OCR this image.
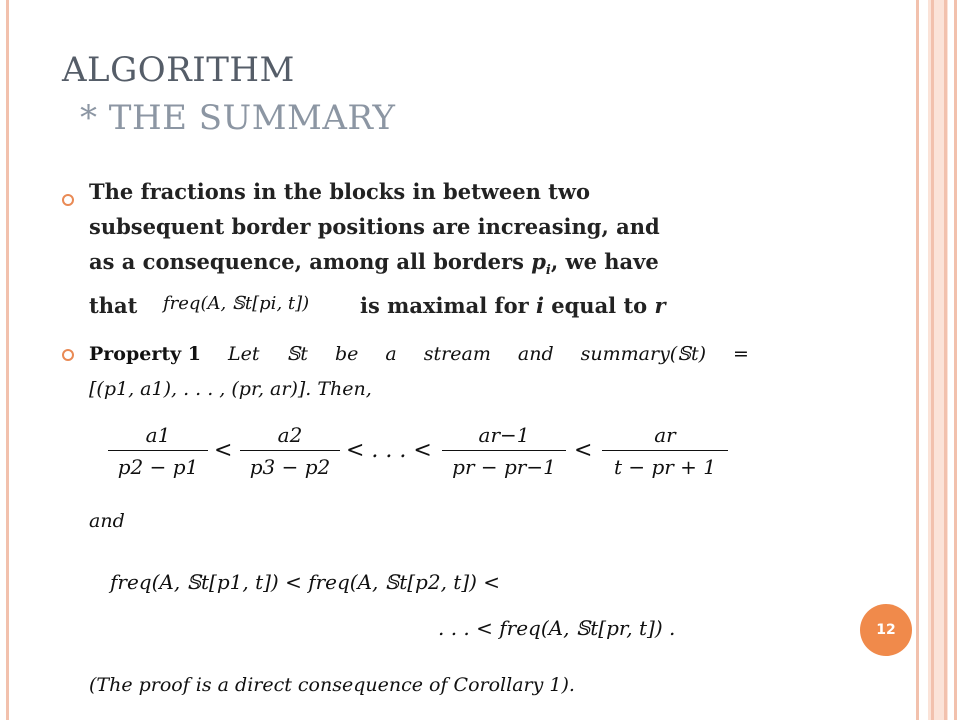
ALGORITHM
* THE SUMMARY
The fractions in the blocks in between two
subsequent border positions are increasing, and
as a consequence, among all borders $p_i$, we have
that	freq(A, 𝕊t[pi, t]) is maximal for i equal to r
Property 1 Let 𝕊t be a stream and summary(𝕊t) =
[(p1, a1), . . . , (pr, ar)]. Then,
$\frac{a1}{p2 - p1} < \frac{a2}{p3 - p2}$ < . . . < $\frac{ar-1}{pr - pr-1} < \frac{ar}{t - pr + 1}$
and
freq(A, 𝕊t[p1, t]) < freq(A, 𝕊t[p2, t]) <
. . . < freq(A, 𝕊t[pr, t]) .
(The proof is a direct consequence of Corollary 1).
12
